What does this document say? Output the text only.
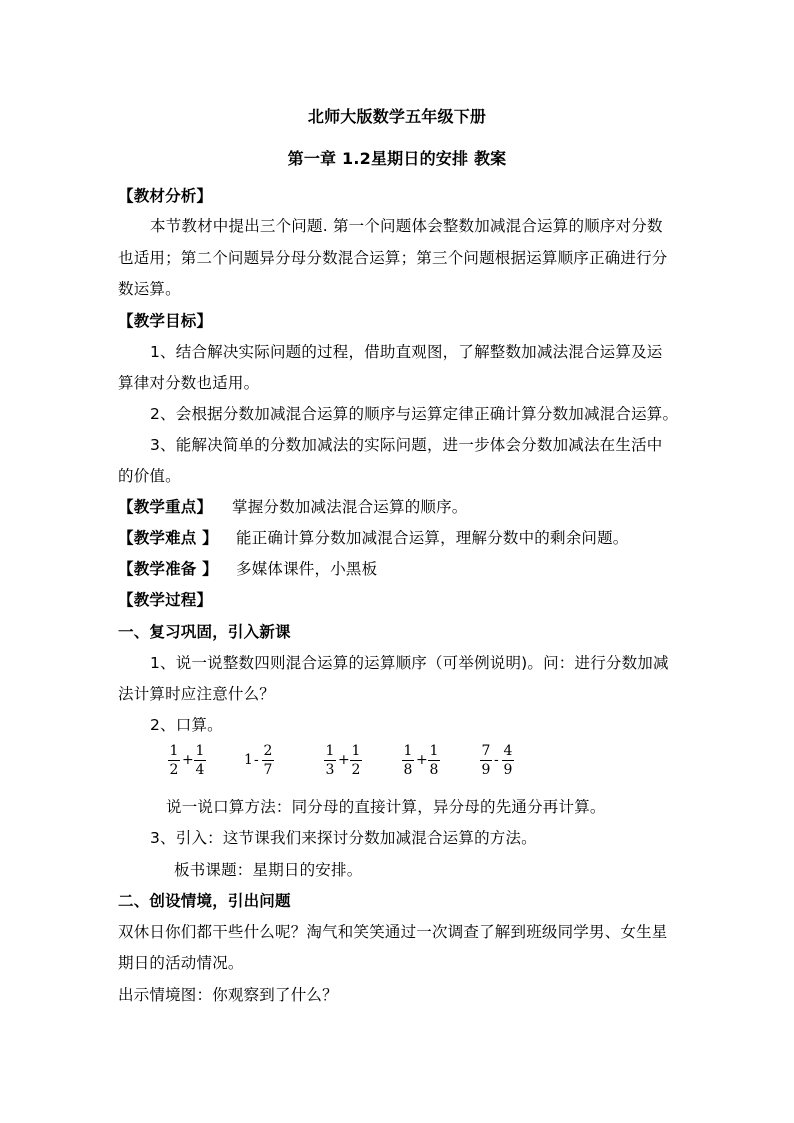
北师大版数学五年级下册
第一章 1.2星期日的安排 教案
【教材分析】
本节教材中提出三个问题. 第一个问题体会整数加减混合运算的顺序对分数
也适用；第二个问题异分母分数混合运算；第三个问题根据运算顺序正确进行分
数运算。
【教学目标】
1、结合解决实际问题的过程，借助直观图，了解整数加减法混合运算及运
算律对分数也适用。
2、会根据分数加减混合运算的顺序与运算定律正确计算分数加减混合运算。
3、能解决简单的分数加减法的实际问题，进一步体会分数加减法在生活中
的价值。
【教学重点】 掌握分数加减法混合运算的顺序。
【教学难点 】 能正确计算分数加减混合运算，理解分数中的剩余问题。
【教学准备 】 多媒体课件，小黑板
【教学过程】
一、复习巩固，引入新课
1、说一说整数四则混合运算的运算顺序（可举例说明)。问：进行分数加减
法计算时应注意什么？
2、口算。
1
2
+
1
4
1 -
2
7
1
3
+
1
2
1
8
+
1
8
7
9
-
4
9
说一说口算方法：同分母的直接计算，异分母的先通分再计算。
3、引入：这节课我们来探讨分数加减混合运算的方法。
板书课题：星期日的安排。
二、创设情境，引出问题
双休日你们都干些什么呢？淘气和笑笑通过一次调查了解到班级同学男、女生星
期日的活动情况。
出示情境图：你观察到了什么？
